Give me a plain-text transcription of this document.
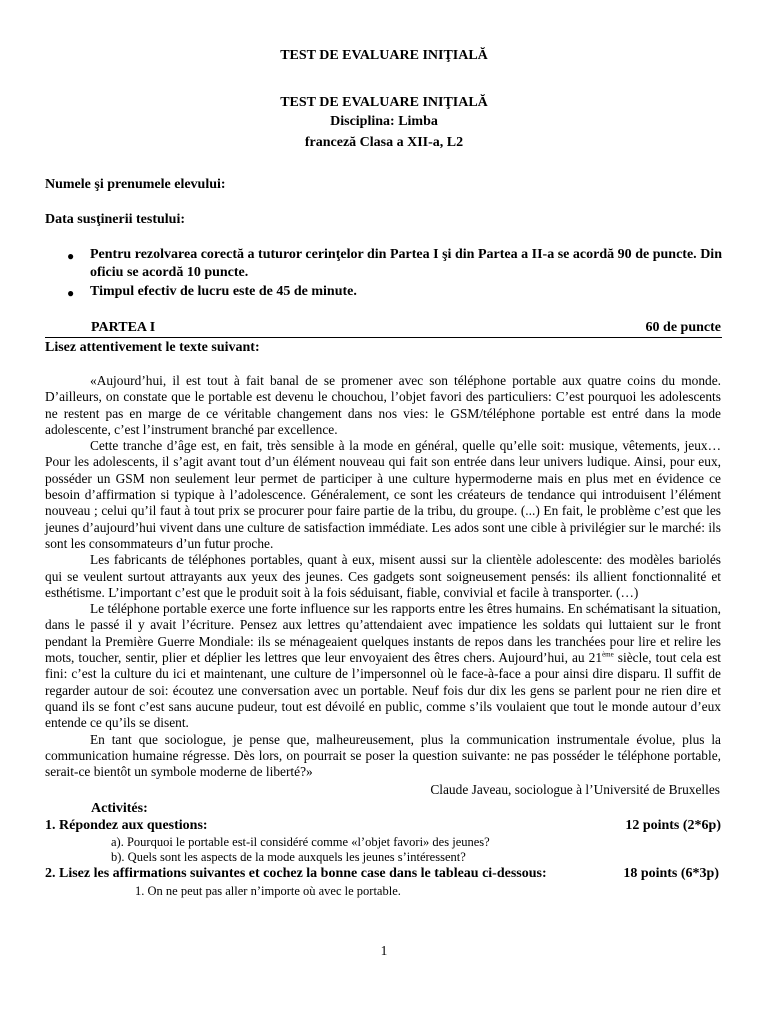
TEST DE EVALUARE INIŢIALĂ
TEST DE EVALUARE INIŢIALĂ
Disciplina: Limba
franceză Clasa a XII-a, L2
Numele şi prenumele elevului:
Data susţinerii testului:
● Pentru rezolvarea corectă a tuturor cerinţelor din Partea I şi din Partea a II-a se acordă 90 de puncte. Din oficiu se acordă 10 puncte.
● Timpul efectiv de lucru este de 45 de minute.
PARTEA I	60 de puncte
Lisez attentivement le texte suivant:

«Aujourd’hui, il est tout à fait banal de se promener avec son téléphone portable aux quatre coins du monde. D’ailleurs, on constate que le portable est devenu le chouchou, l’objet favori des particuliers: C’est pourquoi les adolescents ne restent pas en marge de ce véritable changement dans nos vies: le GSM/téléphone portable est entré dans la mode adolescente, c’est l’instrument branché par excellence.

Cette tranche d’âge est, en fait, très sensible à la mode en général, quelle qu’elle soit: musique, vêtements, jeux… Pour les adolescents, il s’agit avant tout d’un élément nouveau qui fait son entrée dans leur univers ludique. Ainsi, pour eux, posséder un GSM non seulement leur permet de participer à une culture hypermoderne mais en plus met en évidence ce besoin d’affirmation si typique à l’adolescence. Généralement, ce sont les créateurs de tendance qui introduisent l’élément nouveau ; celui qu’il faut à tout prix se procurer pour faire partie de la tribu, du groupe. (...) En fait, le problème c’est que les jeunes d’aujourd’hui vivent dans une culture de satisfaction immédiate. Les ados sont une cible à privilégier sur le marché: ils sont les consommateurs d’un futur proche.

Les fabricants de téléphones portables, quant à eux, misent aussi sur la clientèle adolescente: des modèles bariolés qui se veulent surtout attrayants aux yeux des jeunes. Ces gadgets sont soigneusement pensés: ils allient fonctionnalité et esthétisme. L’important c’est que le produit soit à la fois séduisant, fiable, convivial et facile à transporter. (…)

Le téléphone portable exerce une forte influence sur les rapports entre les êtres humains. En schématisant la situation, dans le passé il y avait l’écriture. Pensez aux lettres qu’attendaient avec impatience les soldats qui luttaient sur le front pendant la Première Guerre Mondiale: ils se ménageaient quelques instants de repos dans les tranchées pour lire et relire les mots, toucher, sentir, plier et déplier les lettres que leur envoyaient des êtres chers. Aujourd’hui, au 21ème siècle, tout cela est fini: c’est la culture du ici et maintenant, une culture de l’impersonnel où le face-à-face a pour ainsi dire disparu. Il suffit de regarder autour de soi: écoutez une conversation avec un portable. Neuf fois dur dix les gens se parlent pour ne rien dire et quand ils se font c’est sans aucune pudeur, tout est dévoilé en public, comme s’ils voulaient que tout le monde autour d’eux entende ce qu’ils se disent.

En tant que sociologue, je pense que, malheureusement, plus la communication instrumentale évolue, plus la communication humaine régresse. Dès lors, on pourrait se poser la question suivante: ne pas posséder le téléphone portable, serait-ce bientôt un symbole moderne de liberté?»

Claude Javeau, sociologue à l’Université de Bruxelles
Activités:
1. Répondez aux questions:	12 points (2*6p)
a). Pourquoi le portable est-il considéré comme «l’objet favori» des jeunes?
b). Quels sont les aspects de la mode auxquels les jeunes s’intéressent?
2. Lisez les affirmations suivantes et cochez la bonne case dans le tableau ci-dessous:	18 points (6*3p)
1. On ne peut pas aller n’importe où avec le portable.
1
